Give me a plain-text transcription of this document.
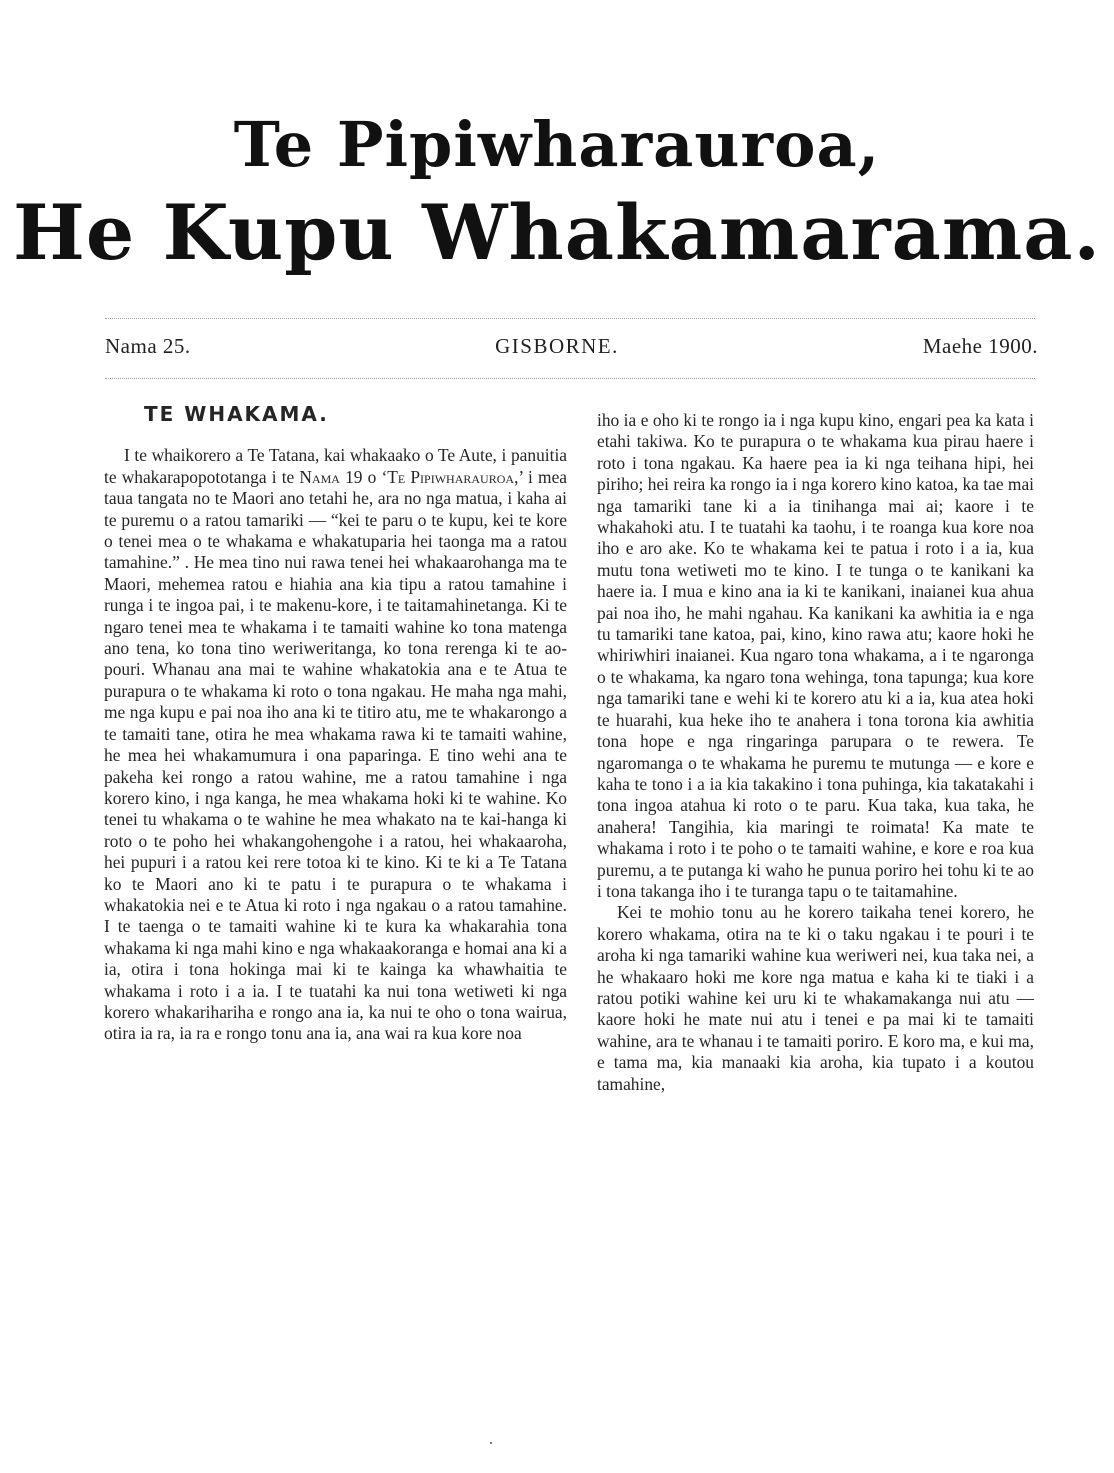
Te Pipiwharauroa,
He Kupu Whakamarama.
Nama 25.	GISBORNE.	Maehe 1900.

TE WHAKAMA.

I te whaikorero a Te Tatana, kai whakaako o Te Aute, i panuitia te whakarapopototanga i te Nama 19 o ‘Te Pipiwharauroa,’ i mea taua tangata no te Maori ano tetahi he, ara no nga matua, i kaha ai te puremu o a ratou tamariki — “kei te paru o te kupu, kei te kore o tenei mea o te whakama e whakatuparia hei taonga ma a ratou tamahine.” . He mea tino nui rawa tenei hei whakaarohanga ma te Maori, mehemea ratou e hiahia ana kia tipu a ratou tamahine i runga i te ingoa pai, i te makenu-kore, i te taitamahinetanga. Ki te ngaro tenei mea te whakama i te tamaiti wahine ko tona matenga ano tena, ko tona tino weriweritanga, ko tona rerenga ki te ao-pouri. Whanau ana mai te wahine whakatokia ana e te Atua te purapura o te whakama ki roto o tona ngakau. He maha nga mahi, me nga kupu e pai noa iho ana ki te titiro atu, me te whakarongo a te tamaiti tane, otira he mea whakama rawa ki te tamaiti wahine, he mea hei whakamumura i ona paparinga. E tino wehi ana te pakeha kei rongo a ratou wahine, me a ratou tamahine i nga korero kino, i nga kanga, he mea whakama hoki ki te wahine. Ko tenei tu whakama o te wahine he mea whakato na te kai-hanga ki roto o te poho hei whakangohengohe i a ratou, hei whakaaroha, hei pupuri i a ratou kei rere totoa ki te kino. Ki te ki a Te Tatana ko te Maori ano ki te patu i te purapura o te whakama i whakatokia nei e te Atua ki roto i nga ngakau o a ratou tamahine. I te taenga o te tamaiti wahine ki te kura ka whakarahia tona whakama ki nga mahi kino e nga whakaakoranga e homai ana ki a ia, otira i tona hokinga mai ki te kainga ka whawhaitia te whakama i roto i a ia. I te tuatahi ka nui tona wetiweti ki nga korero whakarihariha e rongo ana ia, ka nui te oho o tona wairua, otira ia ra, ia ra e rongo tonu ana ia, ana wai ra kua kore noa

iho ia e oho ki te rongo ia i nga kupu kino, engari pea ka kata i etahi takiwa. Ko te purapura o te whakama kua pirau haere i roto i tona ngakau. Ka haere pea ia ki nga teihana hipi, hei piriho; hei reira ka rongo ia i nga korero kino katoa, ka tae mai nga tamariki tane ki a ia tinihanga mai ai; kaore i te whakahoki atu. I te tuatahi ka taohu, i te roanga kua kore noa iho e aro ake. Ko te whakama kei te patua i roto i a ia, kua mutu tona wetiweti mo te kino. I te tunga o te kanikani ka haere ia. I mua e kino ana ia ki te kanikani, inaianei kua ahua pai noa iho, he mahi ngahau. Ka kanikani ka awhitia ia e nga tu tamariki tane katoa, pai, kino, kino rawa atu; kaore hoki he whiriwhiri inaianei. Kua ngaro tona whakama, a i te ngaronga o te whakama, ka ngaro tona wehinga, tona tapunga; kua kore nga tamariki tane e wehi ki te korero atu ki a ia, kua atea hoki te huarahi, kua heke iho te anahera i tona torona kia awhitia tona hope e nga ringaringa parupara o te rewera. Te ngaromanga o te whakama he puremu te mutunga — e kore e kaha te tono i a ia kia takakino i tona puhinga, kia takatakahi i tona ingoa atahua ki roto o te paru. Kua taka, kua taka, he anahera! Tangihia, kia maringi te roimata! Ka mate te whakama i roto i te poho o te tamaiti wahine, e kore e roa kua puremu, a te putanga ki waho he punua poriro hei tohu ki te ao i tona takanga iho i te turanga tapu o te taitamahine.

Kei te mohio tonu au he korero taikaha tenei korero, he korero whakama, otira na te ki o taku ngakau i te pouri i te aroha ki nga tamariki wahine kua weriweri nei, kua taka nei, a he whakaaro hoki me kore nga matua e kaha ki te tiaki i a ratou potiki wahine kei uru ki te whakamakanga nui atu — kaore hoki he mate nui atu i tenei e pa mai ki te tamaiti wahine, ara te whanau i te tamaiti poriro. E koro ma, e kui ma, e tama ma, kia manaaki kia aroha, kia tupato i a koutou tamahine,
